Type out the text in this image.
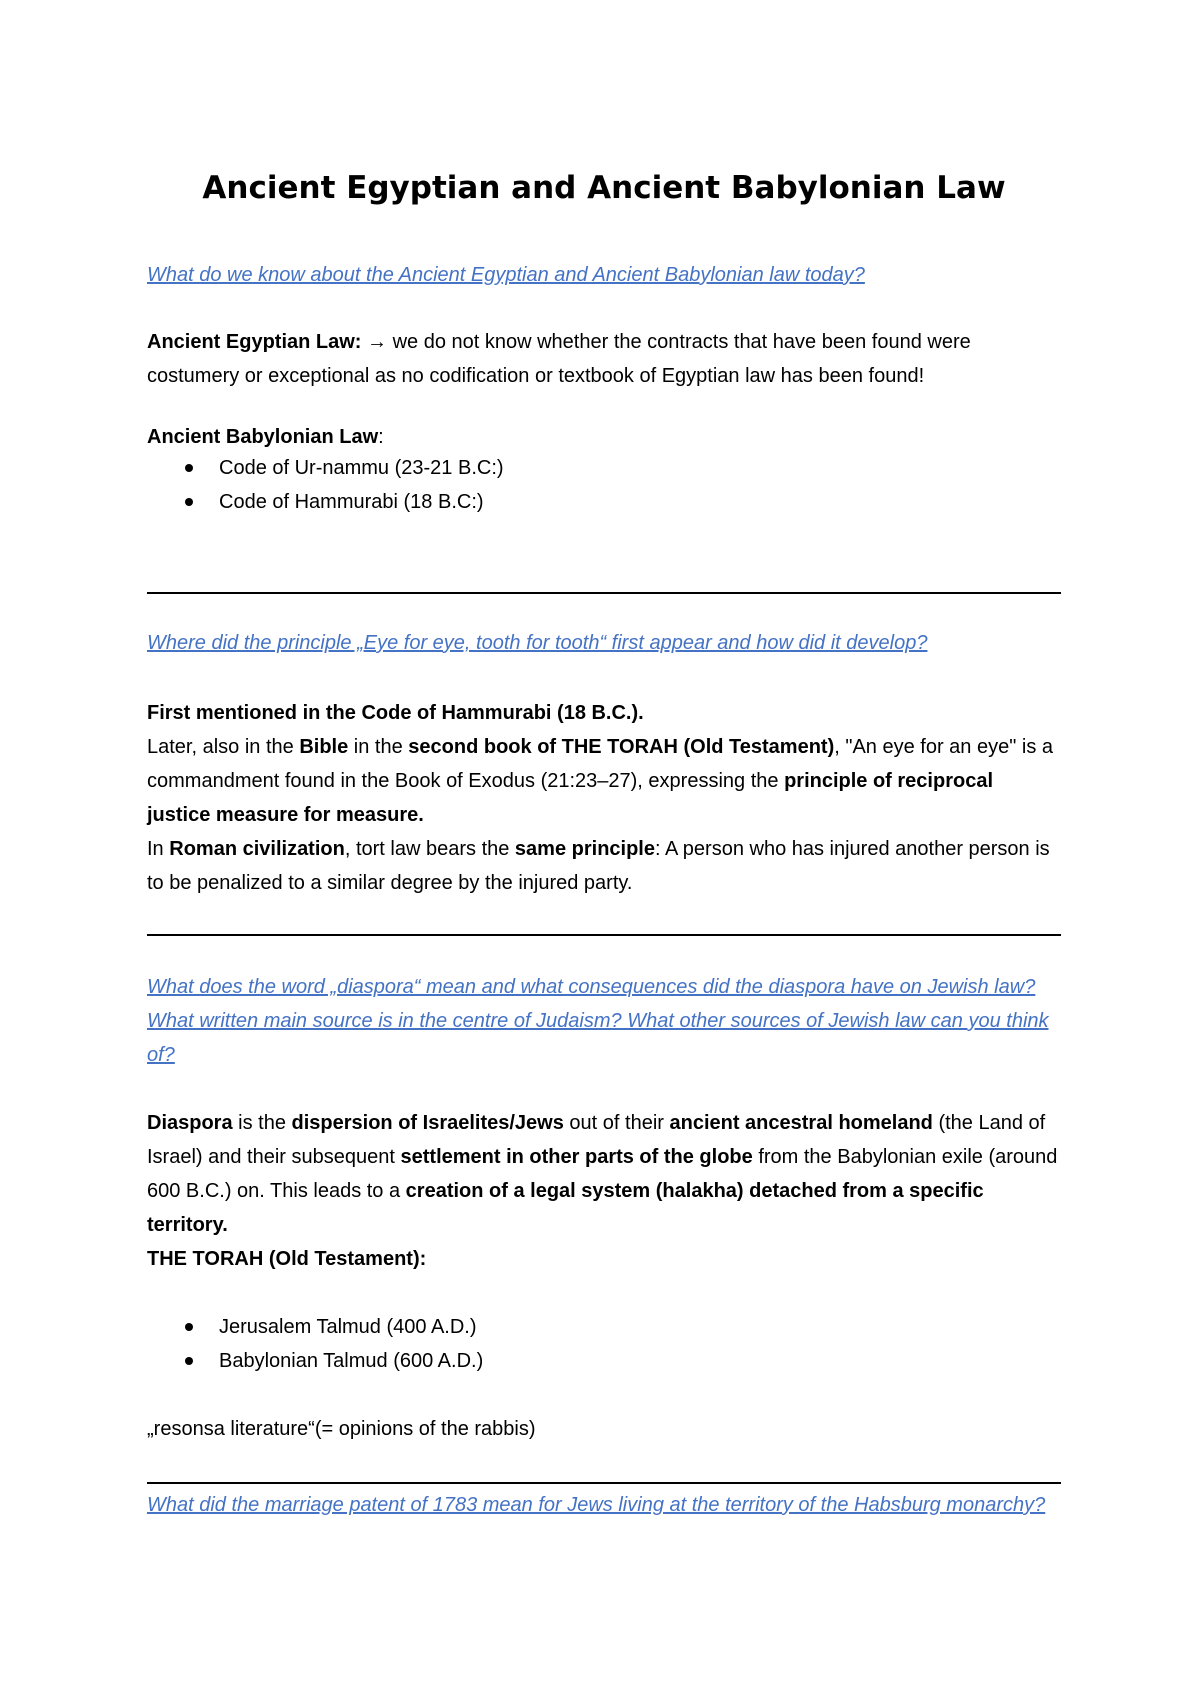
Ancient Egyptian and Ancient Babylonian Law

What do we know about the Ancient Egyptian and Ancient Babylonian law today?

Ancient Egyptian Law: → we do not know whether the contracts that have been found were costumery or exceptional as no codification or textbook of Egyptian law has been found!

Ancient Babylonian Law:

Code of Ur-nammu (23-21 B.C:)
Code of Hammurabi (18 B.C:)

Where did the principle „Eye for eye, tooth for tooth“ first appear and how did it develop?

First mentioned in the Code of Hammurabi (18 B.C.).

Later, also in the Bible in the second book of THE TORAH (Old Testament), "An eye for an eye" is a commandment found in the Book of Exodus (21:23–27), expressing the principle of reciprocal justice measure for measure.

In Roman civilization, tort law bears the same principle: A person who has injured another person is to be penalized to a similar degree by the injured party.

What does the word „diaspora“ mean and what consequences did the diaspora have on Jewish law? What written main source is in the centre of Judaism? What other sources of Jewish law can you think of?

Diaspora is the dispersion of Israelites/Jews out of their ancient ancestral homeland (the Land of Israel) and their subsequent settlement in other parts of the globe from the Babylonian exile (around 600 B.C.) on. This leads to a creation of a legal system (halakha) detached from a specific territory.

THE TORAH (Old Testament):

Jerusalem Talmud (400 A.D.)
Babylonian Talmud (600 A.D.)

„resonsa literature“(= opinions of the rabbis)

What did the marriage patent of 1783 mean for Jews living at the territory of the Habsburg monarchy?
